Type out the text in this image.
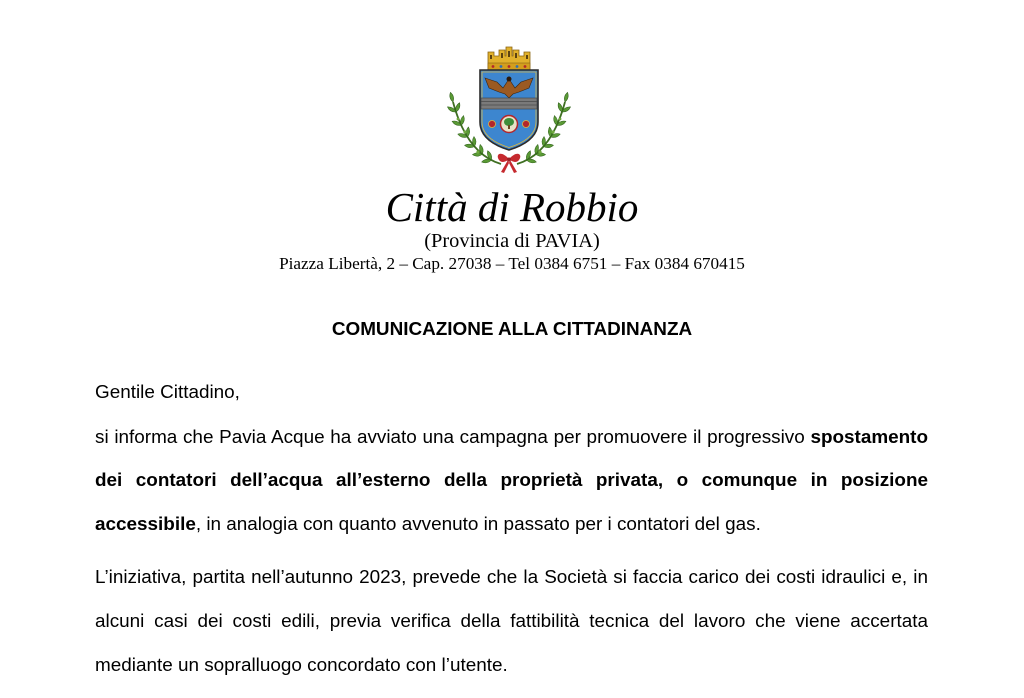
Città di Robbio
(Provincia di PAVIA)
Piazza Libertà, 2 – Cap. 27038 – Tel 0384 6751 – Fax 0384 670415
COMUNICAZIONE ALLA CITTADINANZA
Gentile Cittadino,
si informa che Pavia Acque ha avviato una campagna per promuovere il progressivo spostamento
dei contatori dell’acqua all’esterno della proprietà privata, o comunque in posizione
accessibile, in analogia con quanto avvenuto in passato per i contatori del gas.
L’iniziativa, partita nell’autunno 2023, prevede che la Società si faccia carico dei costi idraulici e, in
alcuni casi dei costi edili, previa verifica della fattibilità tecnica del lavoro che viene accertata
mediante un sopralluogo concordato con l’utente.
